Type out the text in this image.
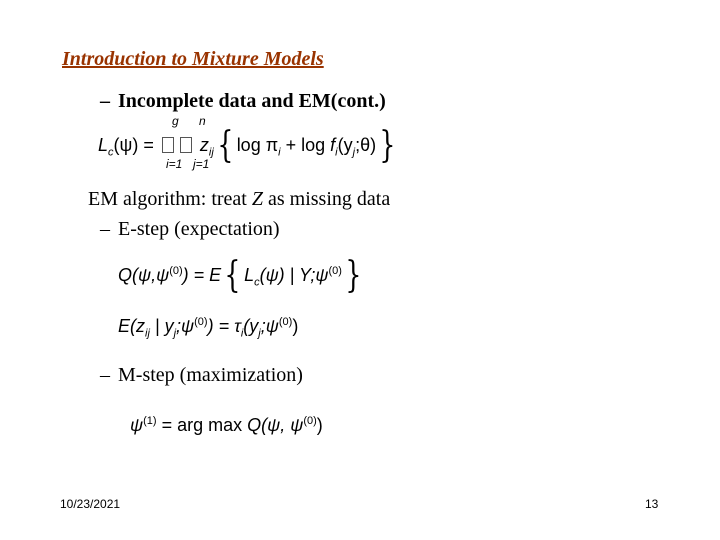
Introduction to Mixture Models
– Incomplete data and EM(cont.)
$L_c(\psi)$ =	$z_{ij}${ $\log \pi_i + \log$ $f_i(y_j;\theta)$}
g n
i=1 j=1
EM algorithm: treat Z as missing data
– E-step (expectation)
$Q(\psi,\psi^{(0)}) = E${ $L_c(\psi)$ | $Y;\psi^{(0)}$}
$E(z_{ij}$ | $y_j;\psi^{(0)}$) = $\tau_i(y_j;\psi^{(0)})$
– M-step (maximization)
$\psi^{(1)}$ = arg max Q(ψ, $\psi^{(0)}$)
10/23/2021	13
